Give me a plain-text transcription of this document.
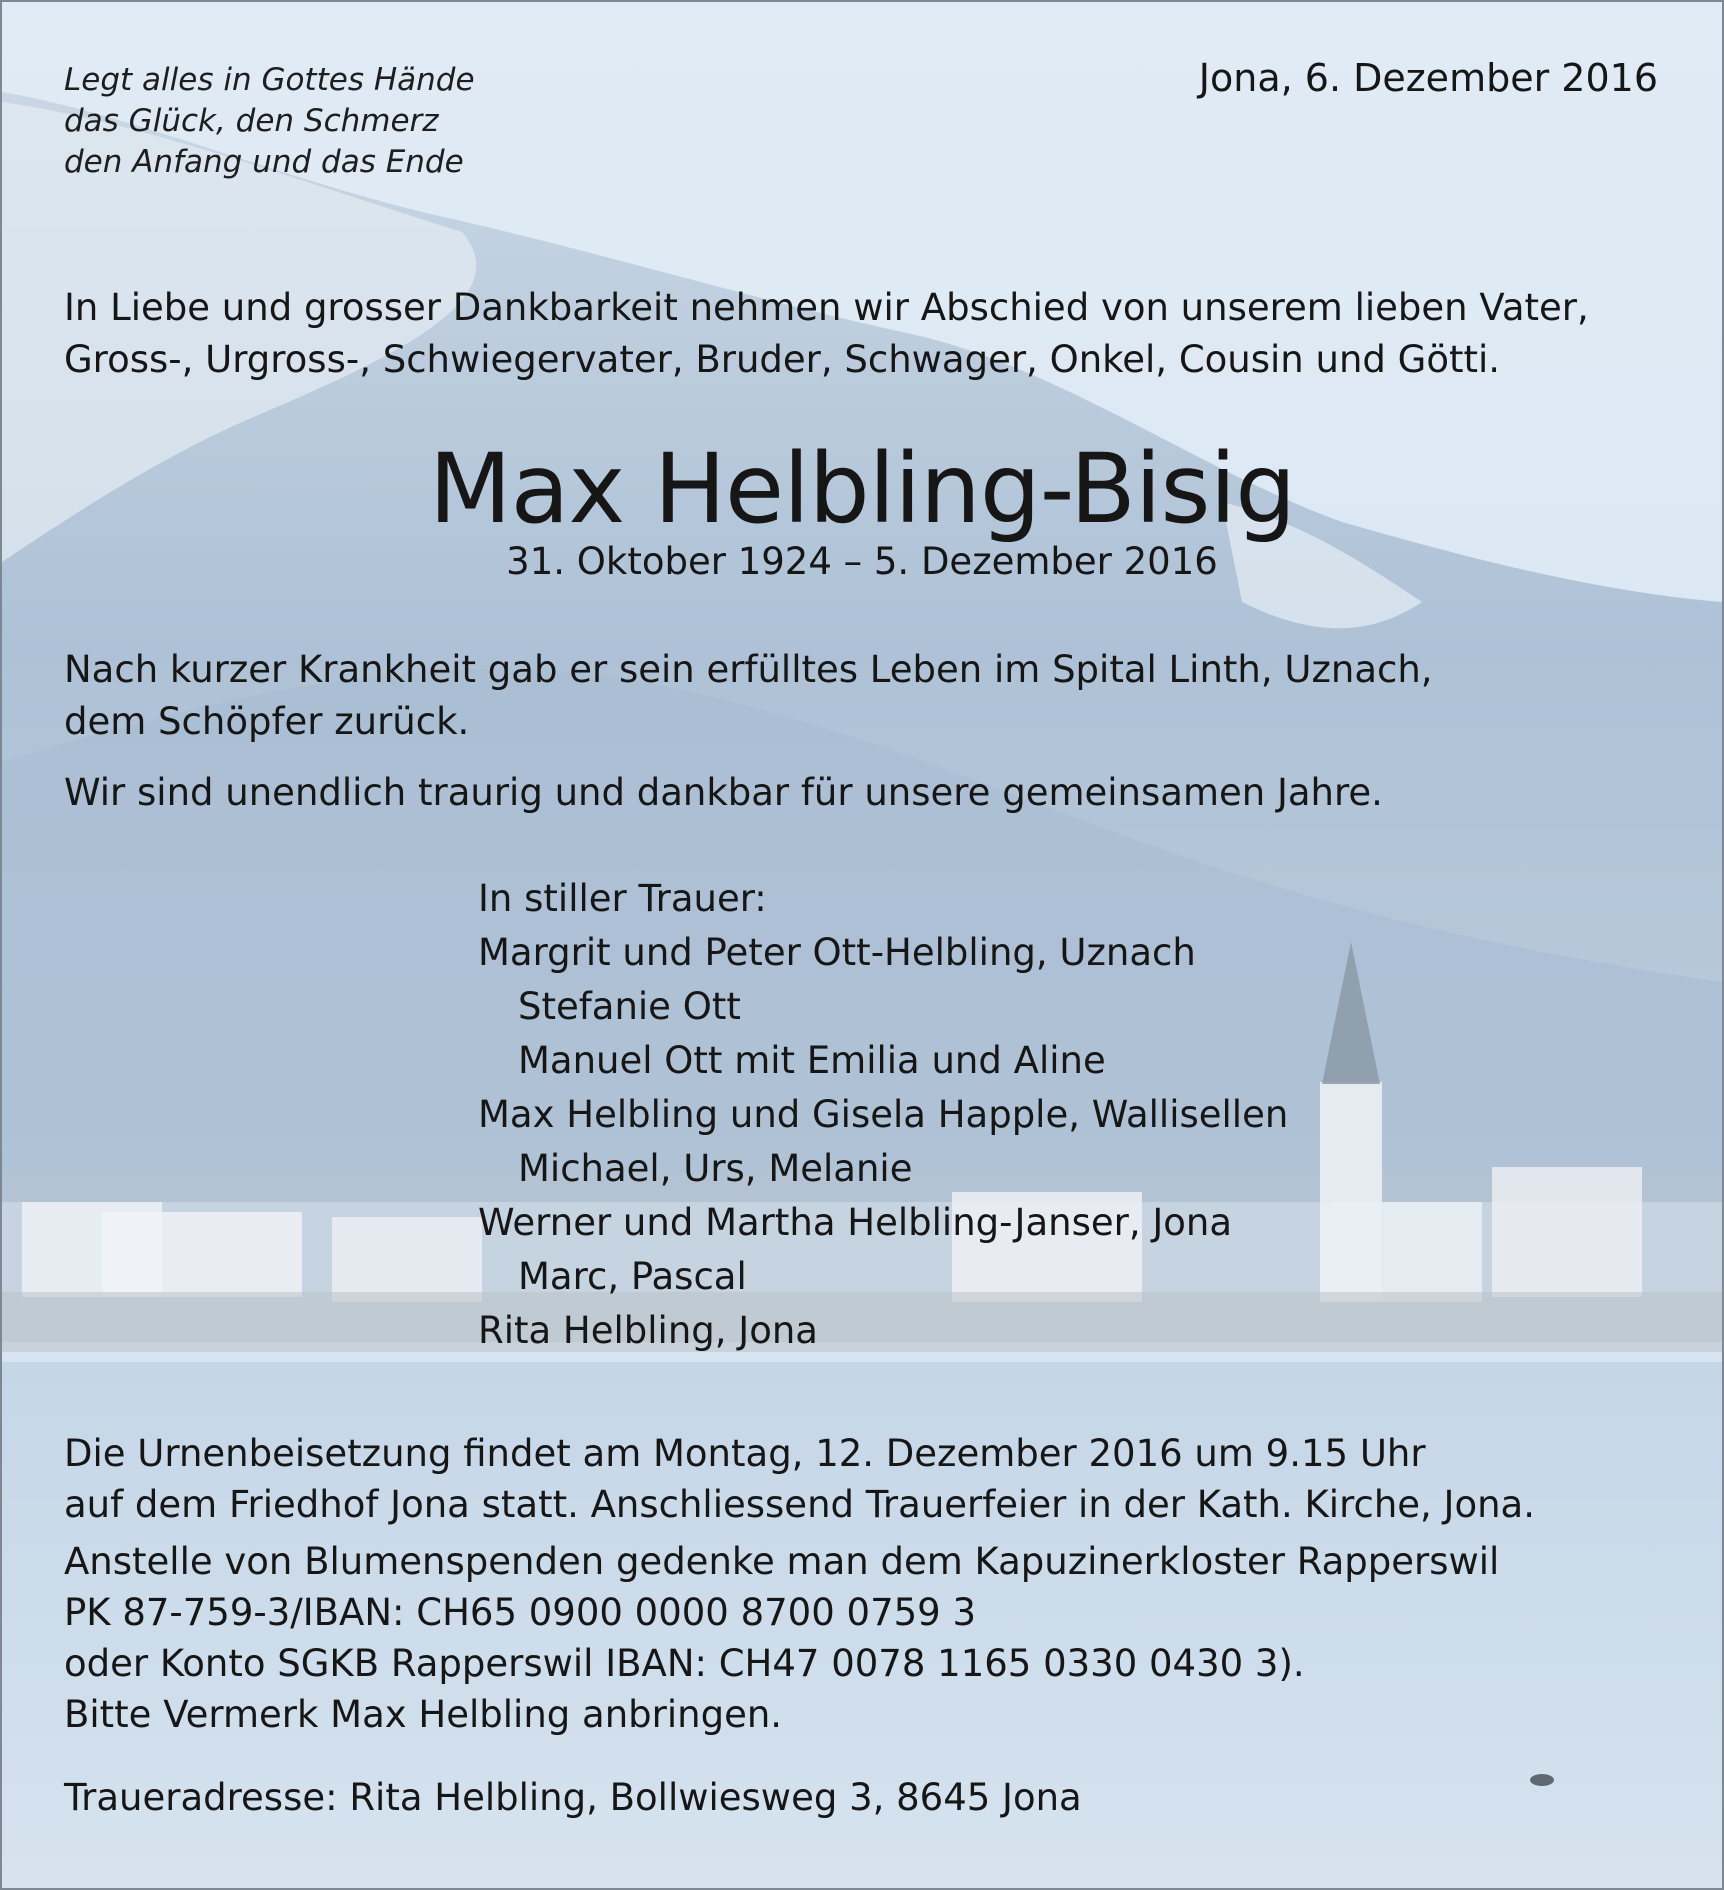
Legt alles in Gottes Hände
das Glück, den Schmerz
den Anfang und das Ende
Jona, 6. Dezember 2016
In Liebe und grosser Dankbarkeit nehmen wir Abschied von unserem lieben Vater,
Gross-, Urgross-, Schwiegervater, Bruder, Schwager, Onkel, Cousin und Götti.
Max Helbling-Bisig
31. Oktober 1924 – 5. Dezember 2016
Nach kurzer Krankheit gab er sein erfülltes Leben im Spital Linth, Uznach,
dem Schöpfer zurück.
Wir sind unendlich traurig und dankbar für unsere gemeinsamen Jahre.
In stiller Trauer:
Margrit und Peter Ott-Helbling, Uznach
Stefanie Ott
Manuel Ott mit Emilia und Aline
Max Helbling und Gisela Happle, Wallisellen
Michael, Urs, Melanie
Werner und Martha Helbling-Janser, Jona
Marc, Pascal
Rita Helbling, Jona
Die Urnenbeisetzung findet am Montag, 12. Dezember 2016 um 9.15 Uhr
auf dem Friedhof Jona statt. Anschliessend Trauerfeier in der Kath. Kirche, Jona.
Anstelle von Blumenspenden gedenke man dem Kapuzinerkloster Rapperswil
PK 87-759-3/IBAN: CH65 0900 0000 8700 0759 3
oder Konto SGKB Rapperswil IBAN: CH47 0078 1165 0330 0430 3).
Bitte Vermerk Max Helbling anbringen.
Traueradresse: Rita Helbling, Bollwiesweg 3, 8645 Jona
